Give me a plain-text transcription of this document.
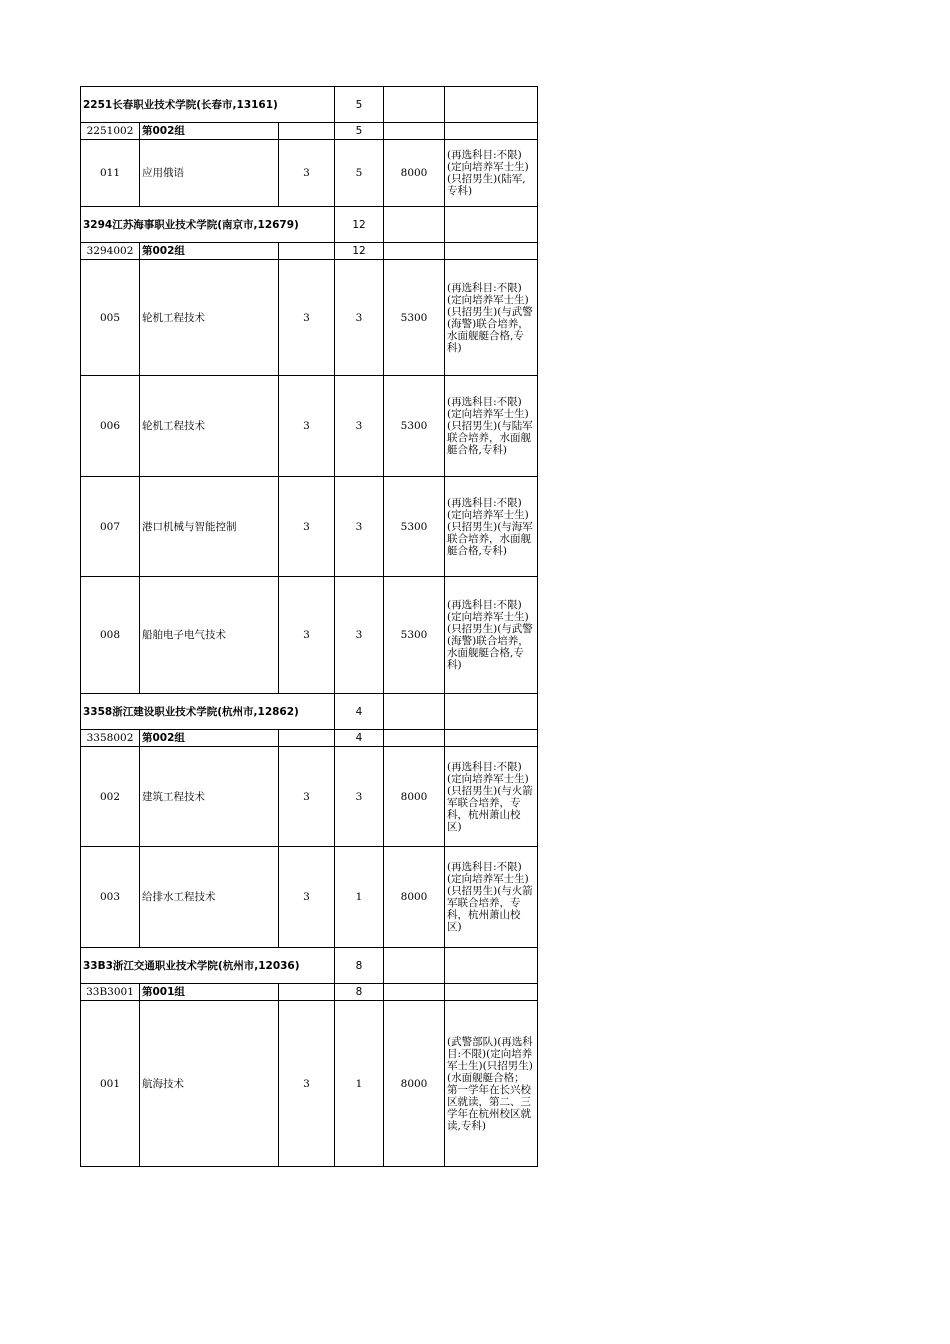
2251长春职业技术学院(长春市,13161)			5		
2251002	第002组		5		
011	应用俄语	3	5	8000	(再选科目:不限)(定向培养军士生)(只招男生)(陆军,专科)
3294江苏海事职业技术学院(南京市,12679)			12		
3294002	第002组		12		
005	轮机工程技术	3	3	5300	(再选科目:不限)(定向培养军士生)(只招男生)(与武警(海警)联合培养，水面舰艇合格,专科)
006	轮机工程技术	3	3	5300	(再选科目:不限)(定向培养军士生)(只招男生)(与陆军联合培养，水面舰艇合格,专科)
007	港口机械与智能控制	3	3	5300	(再选科目:不限)(定向培养军士生)(只招男生)(与海军联合培养，水面舰艇合格,专科)
008	船舶电子电气技术	3	3	5300	(再选科目:不限)(定向培养军士生)(只招男生)(与武警(海警)联合培养，水面舰艇合格,专科)
3358浙江建设职业技术学院(杭州市,12862)			4		
3358002	第002组		4		
002	建筑工程技术	3	3	8000	(再选科目:不限)(定向培养军士生)(只招男生)(与火箭军联合培养，专科，杭州萧山校区)
003	给排水工程技术	3	1	8000	(再选科目:不限)(定向培养军士生)(只招男生)(与火箭军联合培养，专科，杭州萧山校区)
33B3浙江交通职业技术学院(杭州市,12036)			8		
33B3001	第001组		8		
001	航海技术	3	1	8000	(武警部队)(再选科目:不限)(定向培养军士生)(只招男生)(水面舰艇合格；第一学年在长兴校区就读，第二、三学年在杭州校区就读,专科)
